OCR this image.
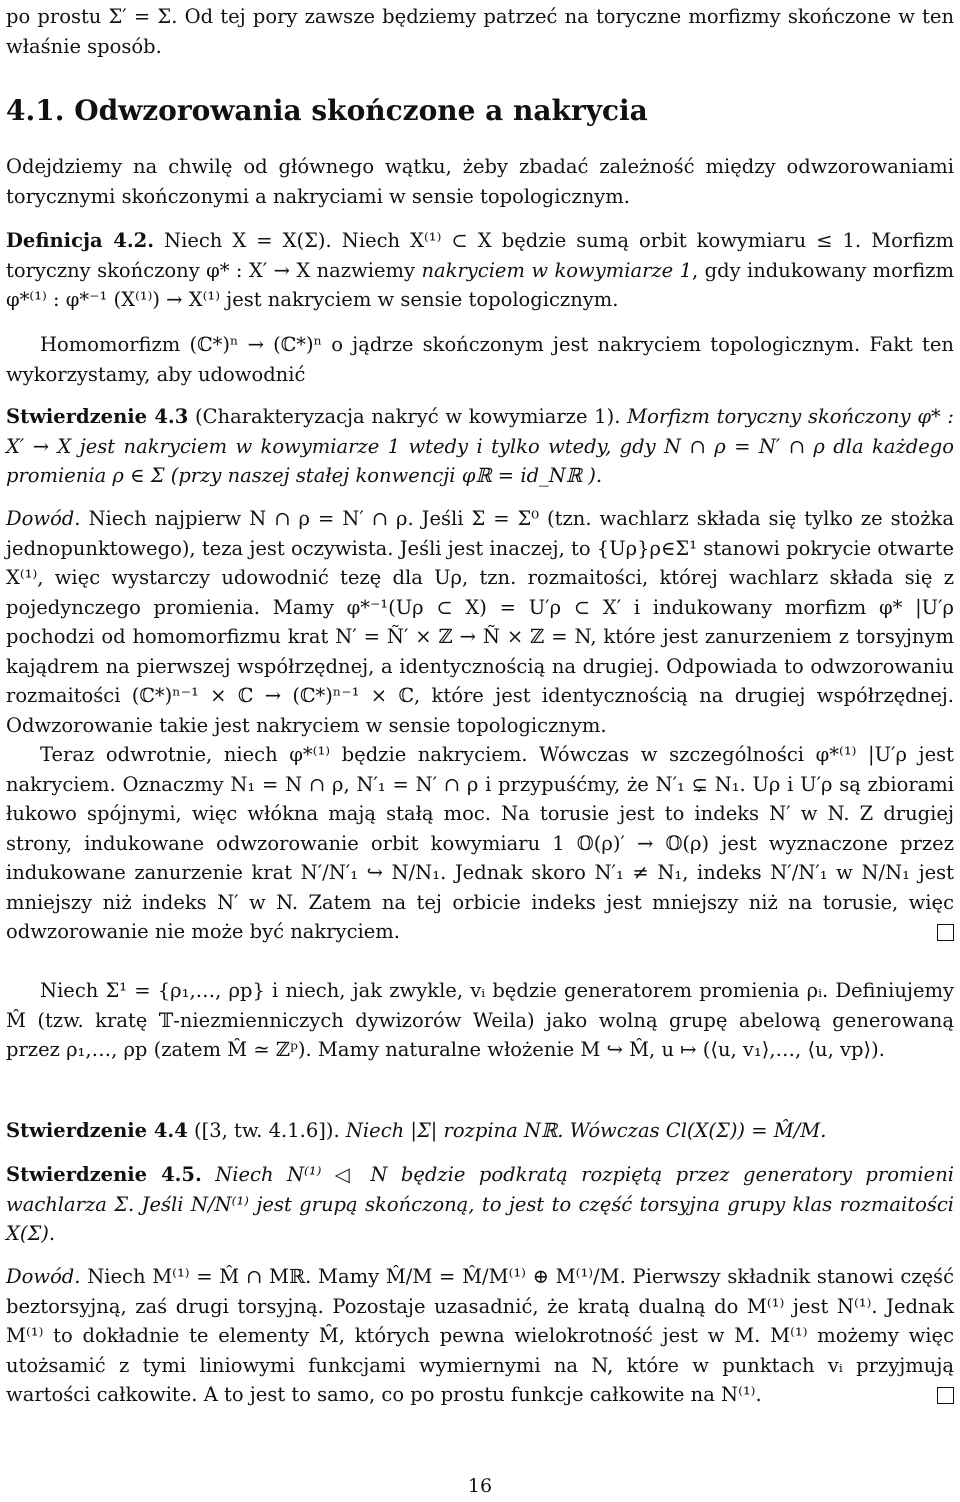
po prostu Σ′ = Σ. Od tej pory zawsze będziemy patrzeć na toryczne morfizmy skończone w ten właśnie sposób.

4.1. Odwzorowania skończone a nakrycia

Odejdziemy na chwilę od głównego wątku, żeby zbadać zależność między odwzorowaniami torycznymi skończonymi a nakryciami w sensie topologicznym.

Definicja 4.2. Niech X = X(Σ). Niech X⁽¹⁾ ⊂ X będzie sumą orbit kowymiaru ≤ 1. Morfizm toryczny skończony φ* : X′ → X nazwiemy nakryciem w kowymiarze 1, gdy indukowany morfizm φ*⁽¹⁾ : φ*⁻¹ (X⁽¹⁾) → X⁽¹⁾ jest nakryciem w sensie topologicznym.

Homomorfizm (ℂ*)ⁿ → (ℂ*)ⁿ o jądrze skończonym jest nakryciem topologicznym. Fakt ten wykorzystamy, aby udowodnić

Stwierdzenie 4.3 (Charakteryzacja nakryć w kowymiarze 1). Morfizm toryczny skończony φ* : X′ → X jest nakryciem w kowymiarze 1 wtedy i tylko wtedy, gdy N ∩ ρ = N′ ∩ ρ dla każdego promienia ρ ∈ Σ (przy naszej stałej konwencji φℝ = id_Nℝ ).

Dowód. Niech najpierw N ∩ ρ = N′ ∩ ρ. Jeśli Σ = Σ⁰ (tzn. wachlarz składa się tylko ze stożka jednopunktowego), teza jest oczywista. Jeśli jest inaczej, to {Uρ}ρ∈Σ¹ stanowi pokrycie otwarte X⁽¹⁾, więc wystarczy udowodnić tezę dla Uρ, tzn. rozmaitości, której wachlarz składa się z pojedynczego promienia. Mamy φ*⁻¹(Uρ ⊂ X) = U′ρ ⊂ X′ i indukowany morfizm φ* |U′ρ pochodzi od homomorfizmu krat N′ = Ñ′ × ℤ → Ñ × ℤ = N, które jest zanurzeniem z torsyjnym kajądrem na pierwszej współrzędnej, a identycznością na drugiej. Odpowiada to odwzorowaniu rozmaitości (ℂ*)ⁿ⁻¹ × ℂ → (ℂ*)ⁿ⁻¹ × ℂ, które jest identycznością na drugiej współrzędnej. Odwzorowanie takie jest nakryciem w sensie topologicznym.

Teraz odwrotnie, niech φ*⁽¹⁾ będzie nakryciem. Wówczas w szczególności φ*⁽¹⁾ |U′ρ jest nakryciem. Oznaczmy N₁ = N ∩ ρ, N′₁ = N′ ∩ ρ i przypuśćmy, że N′₁ ⊊ N₁. Uρ i U′ρ są zbiorami łukowo spójnymi, więc włókna mają stałą moc. Na torusie jest to indeks N′ w N. Z drugiej strony, indukowane odwzorowanie orbit kowymiaru 1 𝕆(ρ)′ → 𝕆(ρ) jest wyznaczone przez indukowane zanurzenie krat N′/N′₁ ↪ N/N₁. Jednak skoro N′₁ ≠ N₁, indeks N′/N′₁ w N/N₁ jest mniejszy niż indeks N′ w N. Zatem na tej orbicie indeks jest mniejszy niż na torusie, więc odwzorowanie nie może być nakryciem.

Niech Σ¹ = {ρ₁,…, ρp} i niech, jak zwykle, vᵢ będzie generatorem promienia ρᵢ. Definiujemy M̂ (tzw. kratę 𝕋-niezmienniczych dywizorów Weila) jako wolną grupę abelową generowaną przez ρ₁,…, ρp (zatem M̂ ≃ ℤᵖ). Mamy naturalne włożenie M ↪ M̂, u ↦ (⟨u, v₁⟩,…, ⟨u, vp⟩).

Stwierdzenie 4.4 ([3, tw. 4.1.6]). Niech |Σ| rozpina Nℝ. Wówczas Cl(X(Σ)) = M̂/M.

Stwierdzenie 4.5. Niech N⁽¹⁾ ◁ N będzie podkratą rozpiętą przez generatory promieni wachlarza Σ. Jeśli N/N⁽¹⁾ jest grupą skończoną, to jest to część torsyjna grupy klas rozmaitości X(Σ).

Dowód. Niech M⁽¹⁾ = M̂ ∩ Mℝ. Mamy M̂/M = M̂/M⁽¹⁾ ⊕ M⁽¹⁾/M. Pierwszy składnik stanowi część beztorsyjną, zaś drugi torsyjną. Pozostaje uzasadnić, że kratą dualną do M⁽¹⁾ jest N⁽¹⁾. Jednak M⁽¹⁾ to dokładnie te elementy M̂, których pewna wielokrotność jest w M. M⁽¹⁾ możemy więc utożsamić z tymi liniowymi funkcjami wymiernymi na N, które w punktach vᵢ przyjmują wartości całkowite. A to jest to samo, co po prostu funkcje całkowite na N⁽¹⁾.

16
